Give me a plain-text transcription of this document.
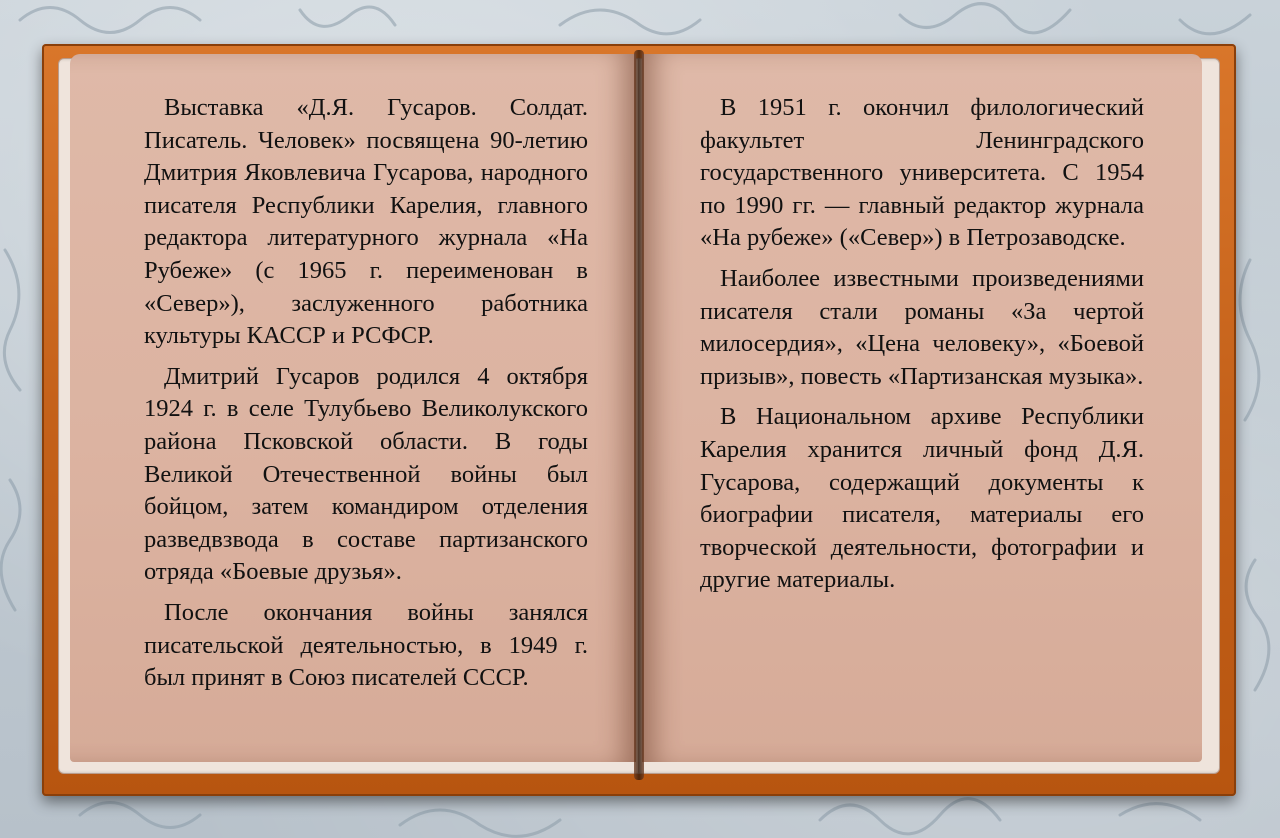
Выставка «Д.Я. Гусаров. Солдат. Писатель. Человек» посвящена 90-летию Дмитрия Яковлевича Гусарова, народного писателя Республики Карелия, главного редактора литературного журнала «На Рубеже» (с 1965 г. переименован в «Север»), заслуженного работника культуры КАССР и РСФСР.

Дмитрий Гусаров родился 4 октября 1924 г. в селе Тулубьево Великолукского района Псковской области. В годы Великой Отечественной войны был бойцом, затем командиром отделения разведвзвода в составе партизанского отряда «Боевые друзья».

После окончания войны занялся писательской деятельностью, в 1949 г. был принят в Союз писателей СССР.

В 1951 г. окончил филологический факультет Ленинградского государственного университета. С 1954 по 1990 гг. — главный редактор журнала «На рубеже» («Север») в Петрозаводске.

Наиболее известными произведениями писателя стали романы «За чертой милосердия», «Цена человеку», «Боевой призыв», повесть «Партизанская музыка».

В Национальном архиве Республики Карелия хранится личный фонд Д.Я. Гусарова, содержащий документы к биографии писателя, материалы его творческой деятельности, фотографии и другие материалы.
